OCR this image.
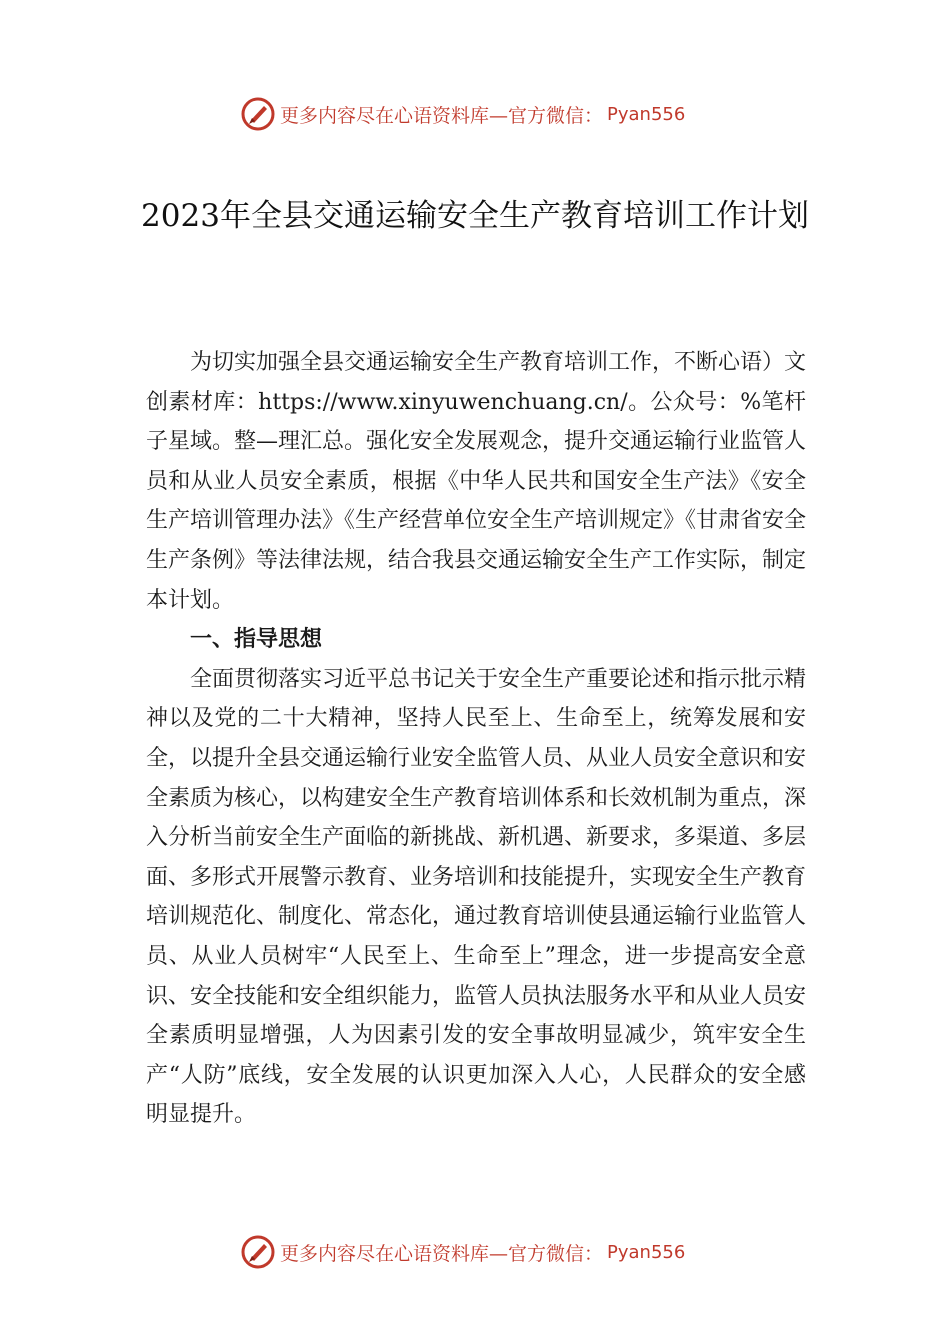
更多内容尽在心语资料库—官方微信： Pyan556
2023年全县交通运输安全生产教育培训工作计划

为切实加强全县交通运输安全生产教育培训工作，不断心语）文创素材库：https://www.xinyuwenchuang.cn/。公众号：%笔杆子星域。整—理汇总。强化安全发展观念，提升交通运输行业监管人员和从业人员安全素质，根据《中华人民共和国安全生产法》《安全生产培训管理办法》《生产经营单位安全生产培训规定》《甘肃省安全生产条例》等法律法规，结合我县交通运输安全生产工作实际，制定本计划。

一、指导思想

全面贯彻落实习近平总书记关于安全生产重要论述和指示批示精神以及党的二十大精神，坚持人民至上、生命至上，统筹发展和安全，以提升全县交通运输行业安全监管人员、从业人员安全意识和安全素质为核心，以构建安全生产教育培训体系和长效机制为重点，深入分析当前安全生产面临的新挑战、新机遇、新要求，多渠道、多层面、多形式开展警示教育、业务培训和技能提升，实现安全生产教育培训规范化、制度化、常态化，通过教育培训使县通运输行业监管人员、从业人员树牢“人民至上、生命至上”理念，进一步提高安全意识、安全技能和安全组织能力，监管人员执法服务水平和从业人员安全素质明显增强，人为因素引发的安全事故明显减少，筑牢安全生产“人防”底线，安全发展的认识更加深入人心，人民群众的安全感明显提升。

更多内容尽在心语资料库—官方微信： Pyan556
